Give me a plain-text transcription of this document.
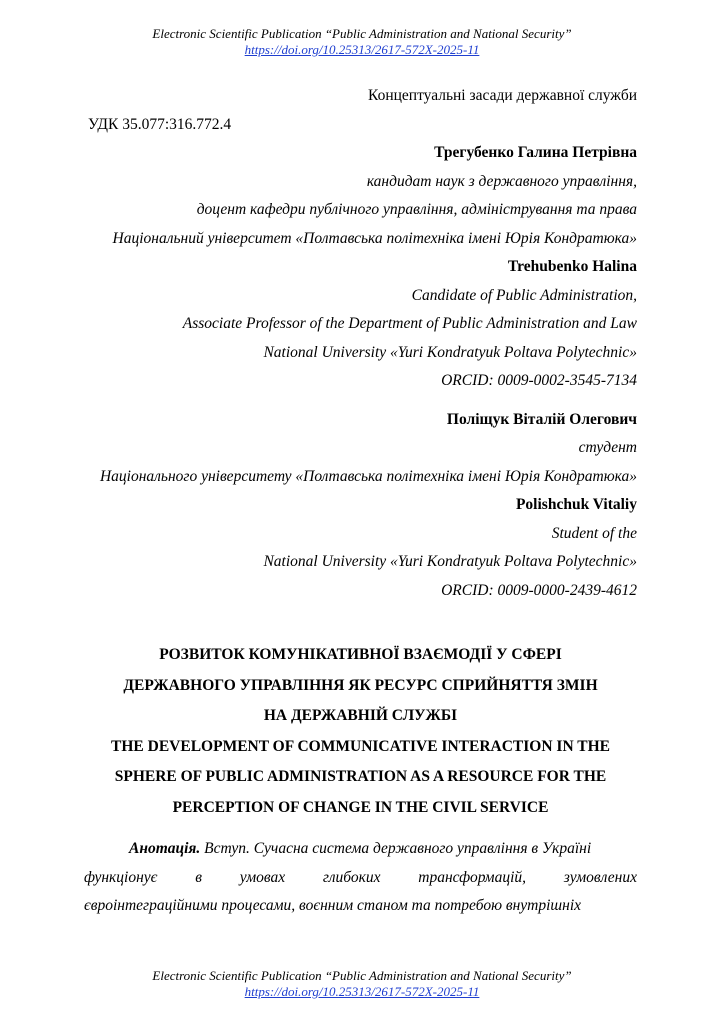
Electronic Scientific Publication “Public Administration and National Security”
https://doi.org/10.25313/2617-572X-2025-11
Концептуальні засади державної служби
УДК 35.077:316.772.4
Трегубенко Галина Петрівна
кандидат наук з державного управління,
доцент кафедри публічного управління, адміністрування та права
Національний університет «Полтавська політехніка імені Юрія Кондратюка»
Trehubenko Halina
Candidate of Public Administration,
Associate Professor of the Department of Public Administration and Law
National University «Yuri Kondratyuk Poltava Polytechnic»
ORCID: 0009-0002-3545-7134
Поліщук Віталій Олегович
студент
Національного університету «Полтавська політехніка імені Юрія Кондратюка»
Polishchuk Vitaliy
Student of the
National University «Yuri Kondratyuk Poltava Polytechnic»
ORCID: 0009-0000-2439-4612
РОЗВИТОК КОМУНІКАТИВНОЇ ВЗАЄМОДІЇ У СФЕРІ
ДЕРЖАВНОГО УПРАВЛІННЯ ЯК РЕСУРС СПРИЙНЯТТЯ ЗМІН
НА ДЕРЖАВНІЙ СЛУЖБІ
THE DEVELOPMENT OF COMMUNICATIVE INTERACTION IN THE
SPHERE OF PUBLIC ADMINISTRATION AS A RESOURCE FOR THE
PERCEPTION OF CHANGE IN THE CIVIL SERVICE
Анотація. Вступ. Сучасна система державного управління в Україні
функціонує в умовах глибоких трансформацій, зумовлених
євроінтеграційними процесами, воєнним станом та потребою внутрішніх
Electronic Scientific Publication “Public Administration and National Security”
https://doi.org/10.25313/2617-572X-2025-11
